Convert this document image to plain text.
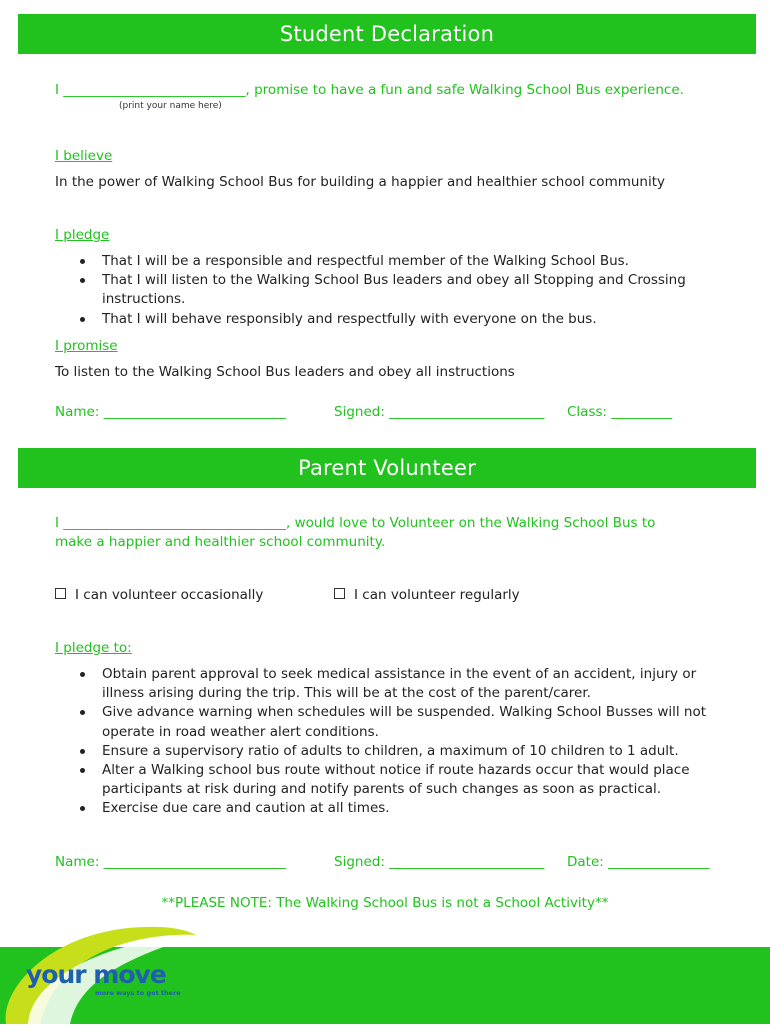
Student Declaration
I ___________________________, promise to have a fun and safe Walking School Bus experience.
(print your name here)
I believe
In the power of Walking School Bus for building a happier and healthier school community
I pledge
That I will be a responsible and respectful member of the Walking School Bus.
That I will listen to the Walking School Bus leaders and obey all Stopping and Crossing instructions.
That I will behave responsibly and respectfully with everyone on the bus.
I promise
To listen to the Walking School Bus leaders and obey all instructions
Name: ___________________________	Signed: _______________________ Class: _________
Parent Volunteer
I _________________________________, would love to Volunteer on the Walking School Bus to
make a happier and healthier school community.
I can volunteer occasionally	I can volunteer regularly
I pledge to:
Obtain parent approval to seek medical assistance in the event of an accident, injury or illness arising during the trip. This will be at the cost of the parent/carer.
Give advance warning when schedules will be suspended. Walking School Busses will not operate in road weather alert conditions.
Ensure a supervisory ratio of adults to children, a maximum of 10 children to 1 adult.
Alter a Walking school bus route without notice if route hazards occur that would place participants at risk during and notify parents of such changes as soon as practical.
Exercise due care and caution at all times.
Name: ___________________________	Signed: _______________________ Date: _______________
**PLEASE NOTE: The Walking School Bus is not a School Activity**
your move
more ways to get there
